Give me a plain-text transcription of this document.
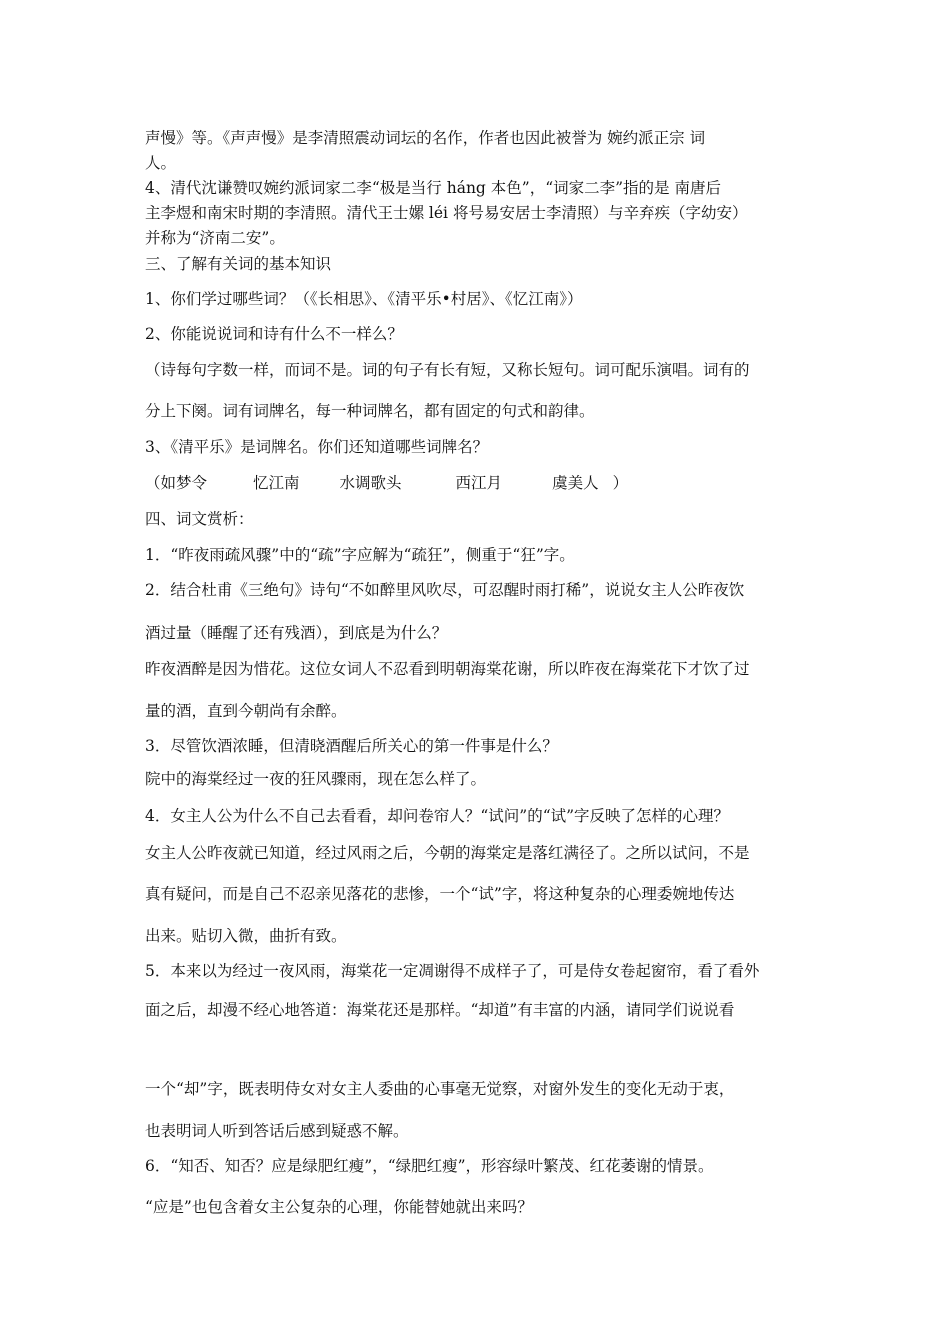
声慢》等。《声声慢》是李清照震动词坛的名作，作者也因此被誉为 婉约派正宗 词
人。
4、清代沈谦赞叹婉约派词家二李“极是当行 háng 本色”，“词家二李”指的是 南唐后
主李煜和南宋时期的李清照。清代王士嫘 léi 将号易安居士李清照）与辛弃疾（字幼安）
并称为“济南二安”。
三、了解有关词的基本知识
1、你们学过哪些词？（《长相思》、《清平乐•村居》、《忆江南》）
2、你能说说词和诗有什么不一样么？
（诗每句字数一样，而词不是。词的句子有长有短，又称长短句。词可配乐演唱。词有的
分上下阕。词有词牌名，每一种词牌名，都有固定的句式和韵律。
3、《清平乐》是词牌名。你们还知道哪些词牌名？
（如梦令	忆江南	水调歌头	西江月	虞美人 ）
四、词文赏析：
1．“昨夜雨疏风骤”中的“疏”字应解为“疏狂”，侧重于“狂”字。
2．结合杜甫《三绝句》诗句“不如醉里风吹尽，可忍醒时雨打稀”，说说女主人公昨夜饮
酒过量（睡醒了还有残酒），到底是为什么？
昨夜酒醉是因为惜花。这位女词人不忍看到明朝海棠花谢，所以昨夜在海棠花下才饮了过
量的酒，直到今朝尚有余醉。
3．尽管饮酒浓睡，但清晓酒醒后所关心的第一件事是什么？
院中的海棠经过一夜的狂风骤雨，现在怎么样了。
4．女主人公为什么不自己去看看，却问卷帘人？“试问”的“试”字反映了怎样的心理？
女主人公昨夜就已知道，经过风雨之后，今朝的海棠定是落红满径了。之所以试问，不是
真有疑问，而是自己不忍亲见落花的悲惨，一个“试”字，将这种复杂的心理委婉地传达
出来。贴切入微，曲折有致。
5．本来以为经过一夜风雨，海棠花一定凋谢得不成样子了，可是侍女卷起窗帘，看了看外
面之后，却漫不经心地答道：海棠花还是那样。“却道”有丰富的内涵，请同学们说说看
一个“却”字，既表明侍女对女主人委曲的心事毫无觉察，对窗外发生的变化无动于衷，
也表明词人听到答话后感到疑惑不解。
6．“知否、知否？应是绿肥红瘦”，“绿肥红瘦”，形容绿叶繁茂、红花萎谢的情景。
“应是”也包含着女主公复杂的心理，你能替她就出来吗？
